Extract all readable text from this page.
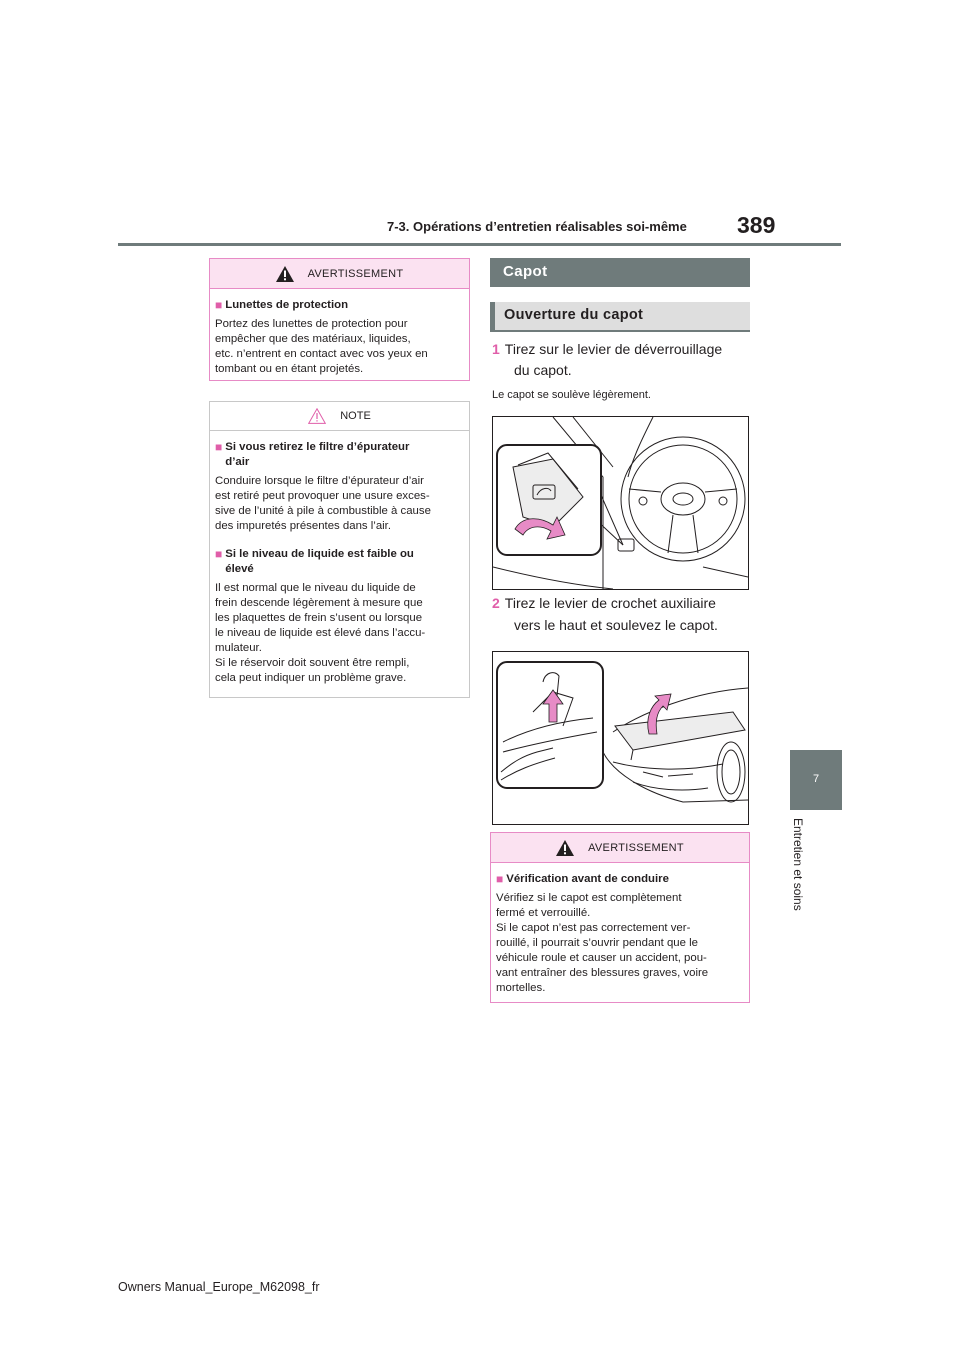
7-3. Opérations d’entretien réalisables soi-même 389
7
Entretien et soins
AVERTISSEMENT
■ Lunettes de protection
Portez des lunettes de protection pour
empêcher que des matériaux, liquides,
etc. n’entrent en contact avec vos yeux en
tombant ou en étant projetés.
NOTE
■ Si vous retirez le filtre d’épurateur
d’air
Conduire lorsque le filtre d’épurateur d’air
est retiré peut provoquer une usure exces-
sive de l’unité à pile à combustible à cause
des impuretés présentes dans l’air.
■ Si le niveau de liquide est faible ou
élevé
Il est normal que le niveau du liquide de
frein descende légèrement à mesure que
les plaquettes de frein s’usent ou lorsque
le niveau de liquide est élevé dans l’accu-
mulateur.
Si le réservoir doit souvent être rempli,
cela peut indiquer un problème grave.
Capot
Ouverture du capot
1 Tirez sur le levier de déverrouillage
du capot.
Le capot se soulève légèrement.
2 Tirez le levier de crochet auxiliaire
vers le haut et soulevez le capot.
AVERTISSEMENT
■ Vérification avant de conduire
Vérifiez si le capot est complètement
fermé et verrouillé.
Si le capot n’est pas correctement ver-
rouillé, il pourrait s’ouvrir pendant que le
véhicule roule et causer un accident, pou-
vant entraîner des blessures graves, voire
mortelles.
Owners Manual_Europe_M62098_fr
